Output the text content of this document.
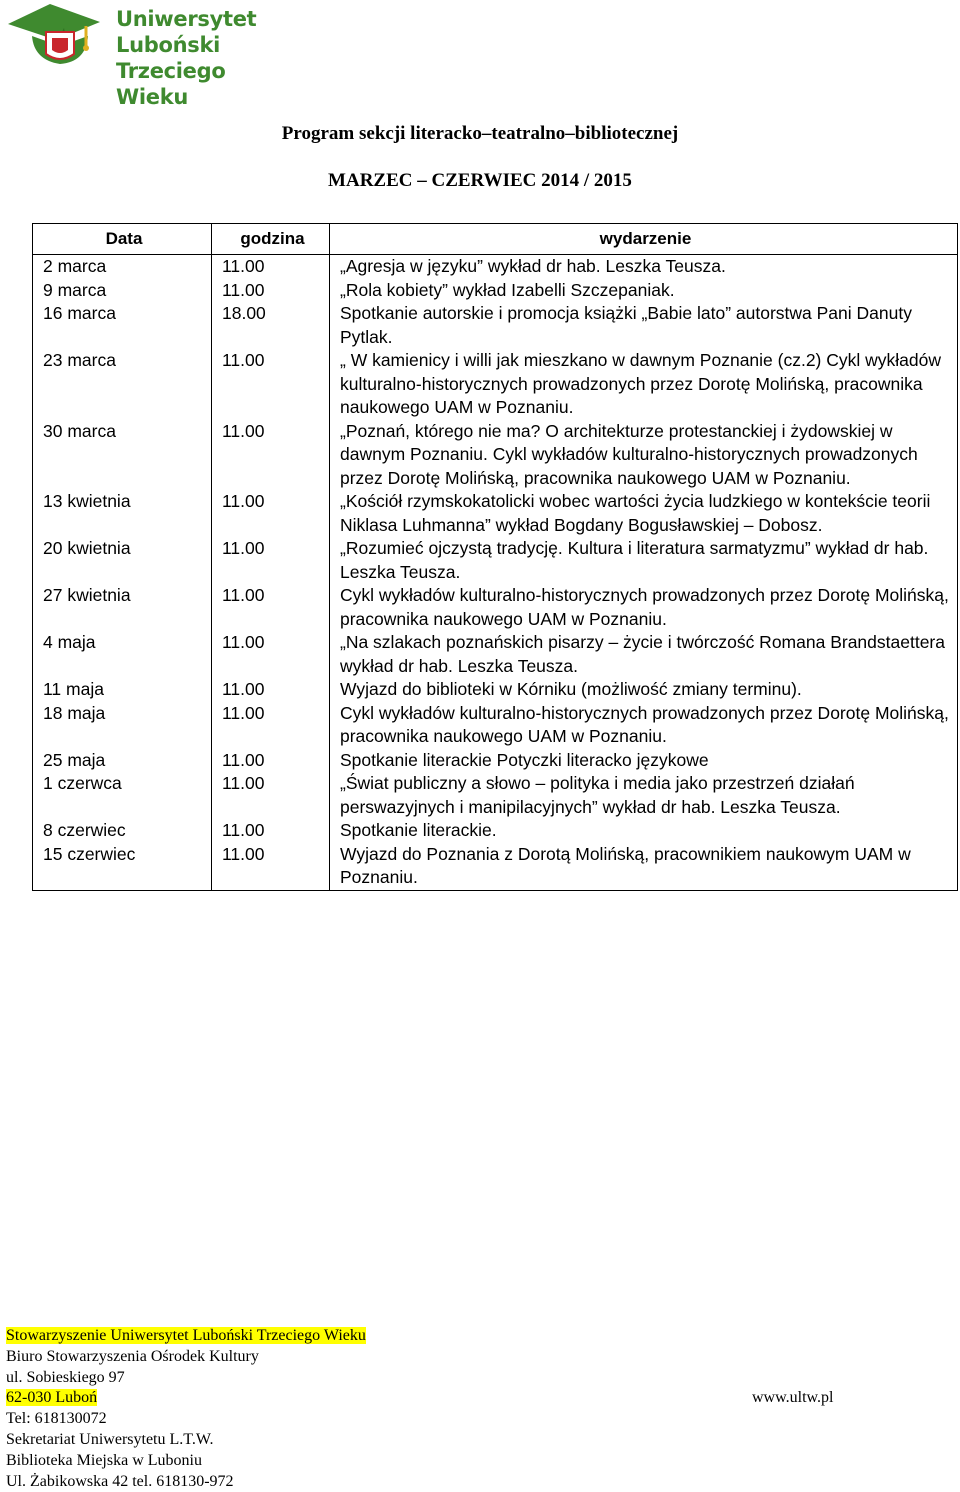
Uniwersytet Luboński
Trzeciego Wieku
Program sekcji literacko–teatralno–bibliotecznej
MARZEC – CZERWIEC 2014 / 2015
Data	godzina	wydarzenie
2 marca	11.00	„Agresja w języku” wykład dr hab. Leszka Teusza.
9 marca	11.00	„Rola kobiety” wykład Izabelli Szczepaniak.
16 marca	18.00	Spotkanie autorskie i promocja książki „Babie lato” autorstwa Pani Danuty Pytlak.
23 marca	11.00	„ W kamienicy i willi jak mieszkano w dawnym Poznanie (cz.2) Cykl wykładów kulturalno-historycznych prowadzonych przez Dorotę Molińską, pracownika naukowego UAM w Poznaniu.
30 marca	11.00	„Poznań, którego nie ma? O architekturze protestanckiej i żydowskiej w dawnym Poznaniu. Cykl wykładów kulturalno-historycznych prowadzonych przez Dorotę Molińską, pracownika naukowego UAM w Poznaniu.
13 kwietnia	11.00	„Kościół rzymskokatolicki wobec wartości życia ludzkiego w kontekście teorii Niklasa Luhmanna” wykład Bogdany Bogusławskiej – Dobosz.
20 kwietnia	11.00	„Rozumieć ojczystą tradycję. Kultura i literatura sarmatyzmu” wykład dr hab. Leszka Teusza.
27 kwietnia	11.00	Cykl wykładów kulturalno-historycznych prowadzonych przez Dorotę Molińską, pracownika naukowego UAM w Poznaniu.
4 maja	11.00	„Na szlakach poznańskich pisarzy – życie i twórczość Romana Brandstaettera wykład dr hab. Leszka Teusza.
11 maja	11.00	Wyjazd do biblioteki w Kórniku (możliwość zmiany terminu).
18 maja	11.00	Cykl wykładów kulturalno-historycznych prowadzonych przez Dorotę Molińską, pracownika naukowego UAM w Poznaniu.
25 maja	11.00	Spotkanie literackie Potyczki literacko językowe
1 czerwca	11.00	„Świat publiczny a słowo – polityka i media jako przestrzeń działań perswazyjnych i manipilacyjnych” wykład dr hab. Leszka Teusza.
8 czerwiec	11.00	Spotkanie literackie.
15 czerwiec	11.00	Wyjazd do Poznania z Dorotą Molińską, pracownikiem naukowym UAM w Poznaniu.
Stowarzyszenie Uniwersytet Luboński Trzeciego Wieku
Biuro Stowarzyszenia Ośrodek Kultury
ul. Sobieskiego 97
62-030 Luboń
Tel: 618130072
Sekretariat Uniwersytetu L.T.W.
Biblioteka Miejska w Luboniu
Ul. Żabikowska 42 tel. 618130-972
www.ultw.pl
